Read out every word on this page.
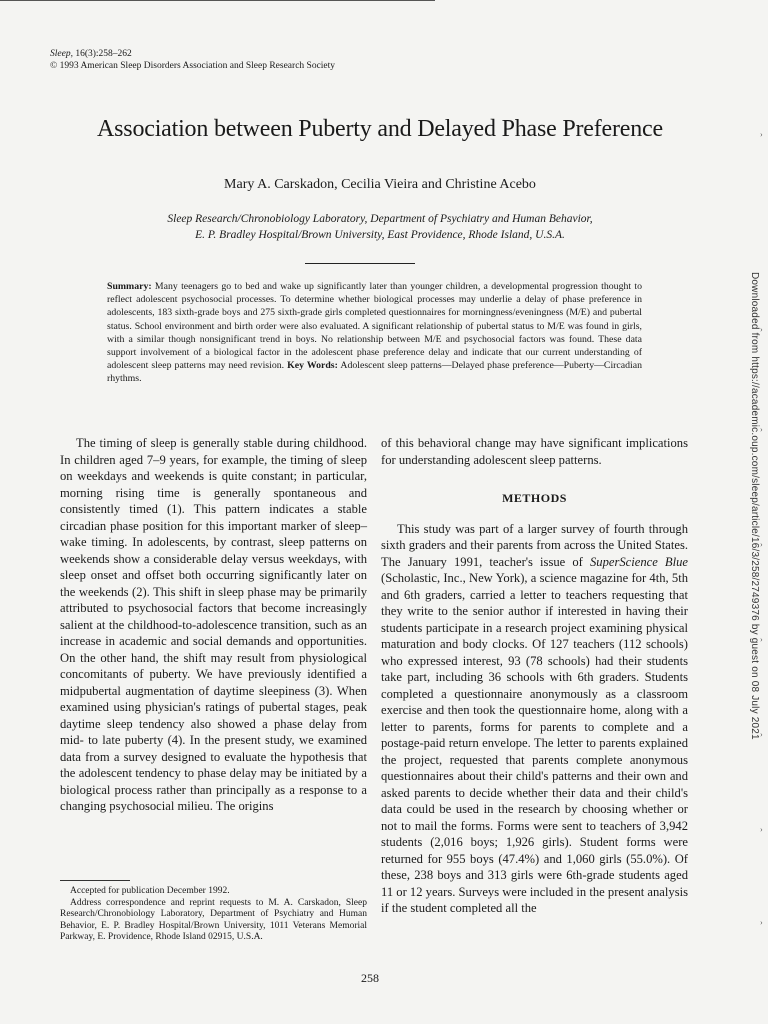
Sleep, 16(3):258–262
© 1993 American Sleep Disorders Association and Sleep Research Society
Association between Puberty and Delayed Phase Preference
Mary A. Carskadon, Cecilia Vieira and Christine Acebo
Sleep Research/Chronobiology Laboratory, Department of Psychiatry and Human Behavior,
E. P. Bradley Hospital/Brown University, East Providence, Rhode Island, U.S.A.
Summary: Many teenagers go to bed and wake up significantly later than younger children, a developmental progression thought to reflect adolescent psychosocial processes. To determine whether biological processes may underlie a delay of phase preference in adolescents, 183 sixth-grade boys and 275 sixth-grade girls completed questionnaires for morningness/eveningness (M/E) and pubertal status. School environment and birth order were also evaluated. A significant relationship of pubertal status to M/E was found in girls, with a similar though nonsignificant trend in boys. No relationship between M/E and psychosocial factors was found. These data support involvement of a biological factor in the adolescent phase preference delay and indicate that our current understanding of adolescent sleep patterns may need revision. Key Words: Adolescent sleep patterns—Delayed phase preference—Puberty—Circadian rhythms.

The timing of sleep is generally stable during childhood. In children aged 7–9 years, for example, the timing of sleep on weekdays and weekends is quite constant; in particular, morning rising time is generally spontaneous and consistently timed (1). This pattern indicates a stable circadian phase position for this important marker of sleep–wake timing. In adolescents, by contrast, sleep patterns on weekends show a considerable delay versus weekdays, with sleep onset and offset both occurring significantly later on the weekends (2). This shift in sleep phase may be primarily attributed to psychosocial factors that become increasingly salient at the childhood-to-adolescence transition, such as an increase in academic and social demands and opportunities. On the other hand, the shift may result from physiological concomitants of puberty. We have previously identified a midpubertal augmentation of daytime sleepiness (3). When examined using physician's ratings of pubertal stages, peak daytime sleep tendency also showed a phase delay from mid- to late puberty (4). In the present study, we examined data from a survey designed to evaluate the hypothesis that the adolescent tendency to phase delay may be initiated by a biological process rather than principally as a response to a changing psychosocial milieu. The origins

of this behavioral change may have significant implications for understanding adolescent sleep patterns.

METHODS

This study was part of a larger survey of fourth through sixth graders and their parents from across the United States. The January 1991, teacher's issue of SuperScience Blue (Scholastic, Inc., New York), a science magazine for 4th, 5th and 6th graders, carried a letter to teachers requesting that they write to the senior author if interested in having their students participate in a research project examining physical maturation and body clocks. Of 127 teachers (112 schools) who expressed interest, 93 (78 schools) had their students take part, including 36 schools with 6th graders. Students completed a questionnaire anonymously as a classroom exercise and then took the questionnaire home, along with a letter to parents, forms for parents to complete and a postage-paid return envelope. The letter to parents explained the project, requested that parents complete anonymous questionnaires about their child's patterns and their own and asked parents to decide whether their data and their child's data could be used in the research by choosing whether or not to mail the forms. Forms were sent to teachers of 3,942 students (2,016 boys; 1,926 girls). Student forms were returned for 955 boys (47.4%) and 1,060 girls (55.0%). Of these, 238 boys and 313 girls were 6th-grade students aged 11 or 12 years. Surveys were included in the present analysis if the student completed all the

Accepted for publication December 1992.

Address correspondence and reprint requests to M. A. Carskadon, Sleep Research/Chronobiology Laboratory, Department of Psychiatry and Human Behavior, E. P. Bradley Hospital/Brown University, 1011 Veterans Memorial Parkway, E. Providence, Rhode Island 02915, U.S.A.

258
Downloaded from https://academic.oup.com/sleep/article/16/3/258/2749376 by guest on 08 July 2021
›
›
›
›
›
›
›
›
